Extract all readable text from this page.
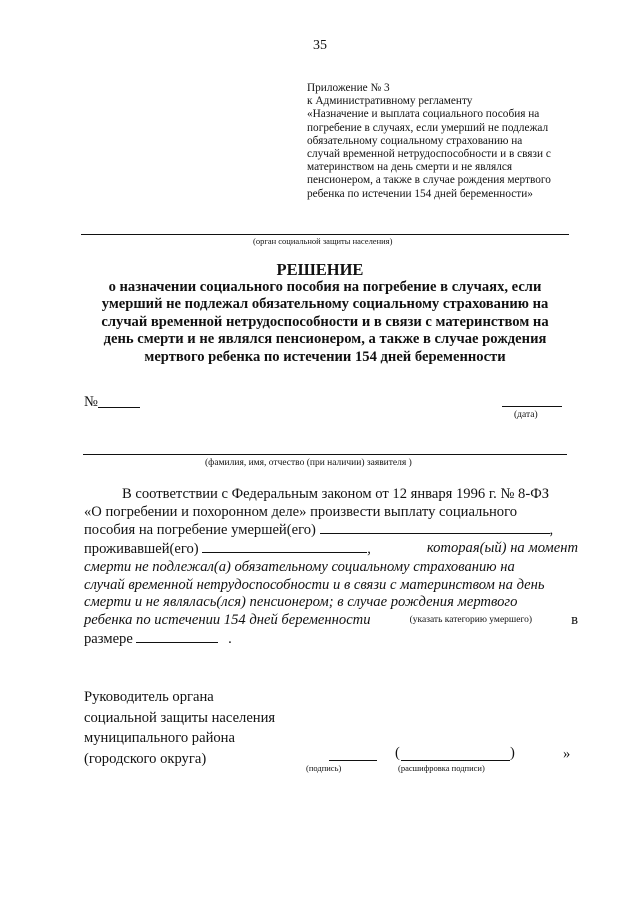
35
Приложение № 3
к Административному регламенту
«Назначение и выплата социального пособия на
погребение в случаях, если умерший не подлежал
обязательному социальному страхованию на
случай временной нетрудоспособности и в связи с
материнством на день смерти и не являлся
пенсионером, а также в случае рождения мертвого
ребенка по истечении 154 дней беременности»
(орган социальной защиты населения)
РЕШЕНИЕ
о назначении социального пособия на погребение в случаях, если
умерший не подлежал обязательному социальному страхованию на
случай временной нетрудоспособности и в связи с материнством на
день смерти и не являлся пенсионером, а также в случае рождения
мертвого ребенка по истечении 154 дней беременности
№
(дата)
(фамилия, имя, отчество (при наличии) заявителя )
В соответствии с Федеральным законом от 12 января 1996 г. № 8-ФЗ
«О погребении и похоронном деле» произвести выплату социального
пособия на погребение умершей(его)	,
проживавшей(его)	,	которая(ый) на момент
смерти не подлежал(а) обязательному социальному страхованию на
случай временной нетрудоспособности и в связи с материнством на день
смерти и не являлась(лся) пенсионером; в случае рождения мертвого
ребенка по истечении 154 дней беременности	(указать категорию умершего)	в
размере	.
Руководитель органа
социальной защиты населения
муниципального района
(городского округа)
(подпись)
(	)
(расшифровка подписи)
»
